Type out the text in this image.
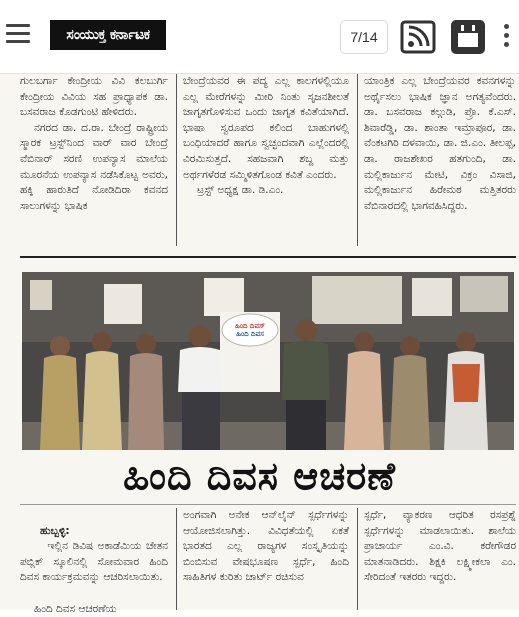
ಸಂಯುಕ್ತ ಕರ್ನಾಟಕ	7/14

ಗುಲಬರ್ಗಾ ಕೇಂದ್ರೀಯ ವಿವಿ ಕಲಬುರ್ಗಿ ಕೇಂದ್ರೀಯ ವಿವಿಯ ಸಹ ಪ್ರಾಧ್ಯಾಪಕ ಡಾ. ಬಸವರಾಜ ಕೊಡಗುಂಟಿ ಹೇಳಿದರು.

ನಗರದ ಡಾ. ದ.ರಾ. ಬೇಂದ್ರೆ ರಾಷ್ಟ್ರೀಯ ಸ್ಮಾರಕ ಟ್ರಸ್ಟ್‌ನಿಂದ ವಾರ್ ವಾರ ಬೇಂದ್ರೆ ವೆಬಿನಾರ್ ಸರಣಿ ಉಪನ್ಯಾಸ ಮಾಲೆಯ ಮೂರನೆಯ ಉಪನ್ಯಾಸ ನಡೆಸಿಕೊಟ್ಟ ಅವರು, ಹಕ್ಕಿ ಹಾರುತಿದೆ ನೋಡಿದಿರಾ ಕವನದ ಸಾಲುಗಳನ್ನು ಭಾಷಿಕ

ಬೇಂದ್ರೆಯವರ ಈ ಪದ್ಯ ಎಲ್ಲ ಕಾಲಗಳಲ್ಲಿಯೂ ಎಲ್ಲ ಮೇರೆಗಳನ್ನು ಮೀರಿ ನಿಂತು ಸೃಜನಶೀಲತೆ ಜಾಗೃತಗೊಳಿಸುವ ಒಂದು ಜಾಗೃತ ಕವಿತೆಯಾಗಿದೆ. ಭಾಷಾ ಸ್ವರೂಪದ ಕಲಿಂದ ಬಾಹುಗಳಲ್ಲಿ ಬಂಧಿಯಾದರೆ ಹಾಗೂ ಸ್ವಚ್ಛಂದವಾಗಿ ಎಲ್ಲೆಂದರಲ್ಲಿ ವಿರಮಿಸುತ್ತದೆ. ಸಹಜವಾಗಿ ಶಬ್ದ ಮತ್ತು ಅರ್ಥಗಳೆರಡ ಸಮ್ಮಿಳಿತಗೊಂಡ ಕವಿತೆ ಎಂದರು.

ಟ್ರಸ್ಟ್ ಅಧ್ಯಕ್ಷ ಡಾ. ಡಿ.ಎಂ.

ಯಾಂತ್ರಿಕ ಎಲ್ಲ ಬೇಂದ್ರೆಯವರ ಕವನಗಳನ್ನು ಅರ್ಥೈಸಲು ಭಾಷಿಕ ಜ್ಞಾನ ಅಗತ್ಯವೆಂದರು. ಡಾ. ಬಸವರಾಜ ಕಲ್ಗುಡಿ, ಪ್ರೊ. ಕೆ.ಎಸ್. ಶಿವಾರೆಡ್ಡಿ, ಡಾ. ಶಾಂತಾ ಇಮ್ರಾಪೂರ, ಡಾ. ವೆಂಕಟಗಿರಿ ದಳವಾಯಿ, ಡಾ. ಜಿ.ಎಂ. ತೀಲಪ್ಪ, ಡಾ. ರಾಜಶೇಖರ ಹತಗುಂದಿ, ಡಾ. ಮಲ್ಲಿಕಾರ್ಜುನ ಮೇಟಿ, ವಿಕ್ರಂ ವಿಸಾಜಿ, ಮಲ್ಲಿಕಾರ್ಜುನ ಹಿರೇಮಠ ಮತ್ತಿತರರು ವೆಬಿನಾರದಲ್ಲಿ ಭಾಗವಹಿಸಿದ್ದರು.

ಹಿಂದಿ ದಿವಸ್
ಹಿಂದಿ ದಿವಸ
ಹಿಂದಿ ದಿವಸ ಆಚರಣೆ

ಹುಬ್ಬಳ್ಳಿ:
ಇಲ್ಲಿನ ಡಿವಿಷ ಅಕಾಡೆಮಿಯ ಚೇತನ ಪಬ್ಲಿಕ್ ಸ್ಕೂಲಿನಲ್ಲಿ ಸೋಮವಾರ ಹಿಂದಿ ದಿವಸ ಕಾರ್ಯಕ್ರಮವನ್ನು ಆಚರಿಸಲಾಯಿತು.

ಹಿಂದಿ ದಿವಸ ಆಚರಣೆಯ

ಅಂಗವಾಗಿ ಅನೇಕ ಆನ್‌ಲೈನ್ ಸ್ಪರ್ಧೆಗಳನ್ನು ಆಯೋಜಿಸಲಾಗಿತ್ತು. ವಿವಿಧತೆಯಲ್ಲಿ ಏಕತೆ ಭಾರತದ ಎಲ್ಲ ರಾಜ್ಯಗಳ ಸಂಸ್ಕೃತಿಯನ್ನು ಬಿಂಬಿಸುವ ವೇಷಭೂಷಣ ಸ್ಪರ್ಧೆ, ಹಿಂದಿ ಸಾಹಿತಿಗಳ ಕುರಿತು ಚಾರ್ಟ್ ರಚಿಸುವ

ಸ್ಪರ್ಧೆ, ವ್ಯಾಕರಣ ಆಧರಿತ ರಸಪ್ರಶ್ನೆ ಸ್ಪರ್ಧೆಗಳನ್ನು ಮಾಡಲಾಯಿತು. ಶಾಲೆಯ ಪ್ರಾಚಾರ್ಯ ಎಂ.ವಿ. ಕರೇಗೌಡರ ಮಾತನಾಡಿದರು. ಶಿಕ್ಷಕಿ ಲಕ್ಷ್ಮೀಕಲಾ ಎಂ. ಸೇರಿದಂತೆ ಇತರರು ಇದ್ದರು.
